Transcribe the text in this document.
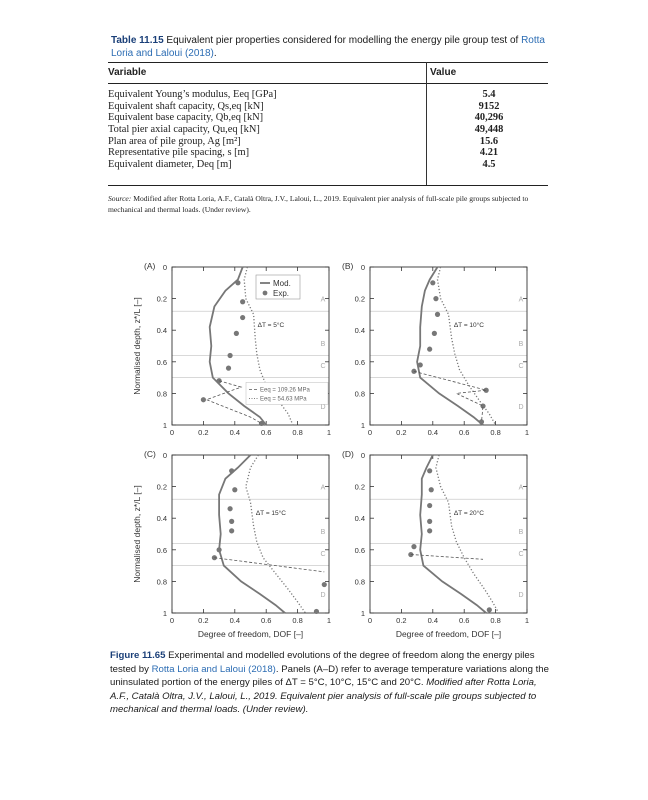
Table 11.15 Equivalent pier properties considered for modelling the energy pile group test of Rotta Loria and Laloui (2018).
Variable	Value
Equivalent Young’s modulus, Eeq [GPa]	5.4
Equivalent shaft capacity, Qs,eq [kN]	9152
Equivalent base capacity, Qb,eq [kN]	40,296
Total pier axial capacity, Qu,eq [kN]	49,448
Plan area of pile group, Ag [m²]	15.6
Representative pile spacing, s [m]	4.21
Equivalent diameter, Deq [m]	4.5
Source: Modified after Rotta Loria, A.F., Català Oltra, J.V., Laloui, L., 2019. Equivalent pier analysis of full-scale pile groups subjected to mechanical and thermal loads. (Under review).
A
B
C
D
0	0.2	0.4	0.6	0.8	1
0
0.2
0.4
0.6
0.8
1
(A)
Normalised depth, z*/L [–]	ΔT = 5°C
Mod.
Exp.
Eeq = 109.26 MPa
Eeq = 54.63 MPa
A
B
C
D
0	0.2	0.4	0.6	0.8	1
0
0.2
0.4
0.6
0.8
1
(B)
ΔT = 10°C
A
B
C
D
0	0.2	0.4	0.6	0.8	1
0
0.2
0.4
0.6
0.8
1
(C)
Normalised depth, z*/L [–]
Degree of freedom, DOF [–]
ΔT = 15°C
A
B
C
D
0	0.2	0.4	0.6	0.8	1
0
0.2
0.4
0.6
0.8
1
(D)
Degree of freedom, DOF [–]
ΔT = 20°C
Figure 11.65 Experimental and modelled evolutions of the degree of freedom along the energy piles tested by Rotta Loria and Laloui (2018). Panels (A–D) refer to average temperature variations along the uninsulated portion of the energy piles of ΔT = 5°C, 10°C, 15°C and 20°C. Modified after Rotta Loria, A.F., Català Oltra, J.V., Laloui, L., 2019. Equivalent pier analysis of full-scale pile groups subjected to mechanical and thermal loads. (Under review).
